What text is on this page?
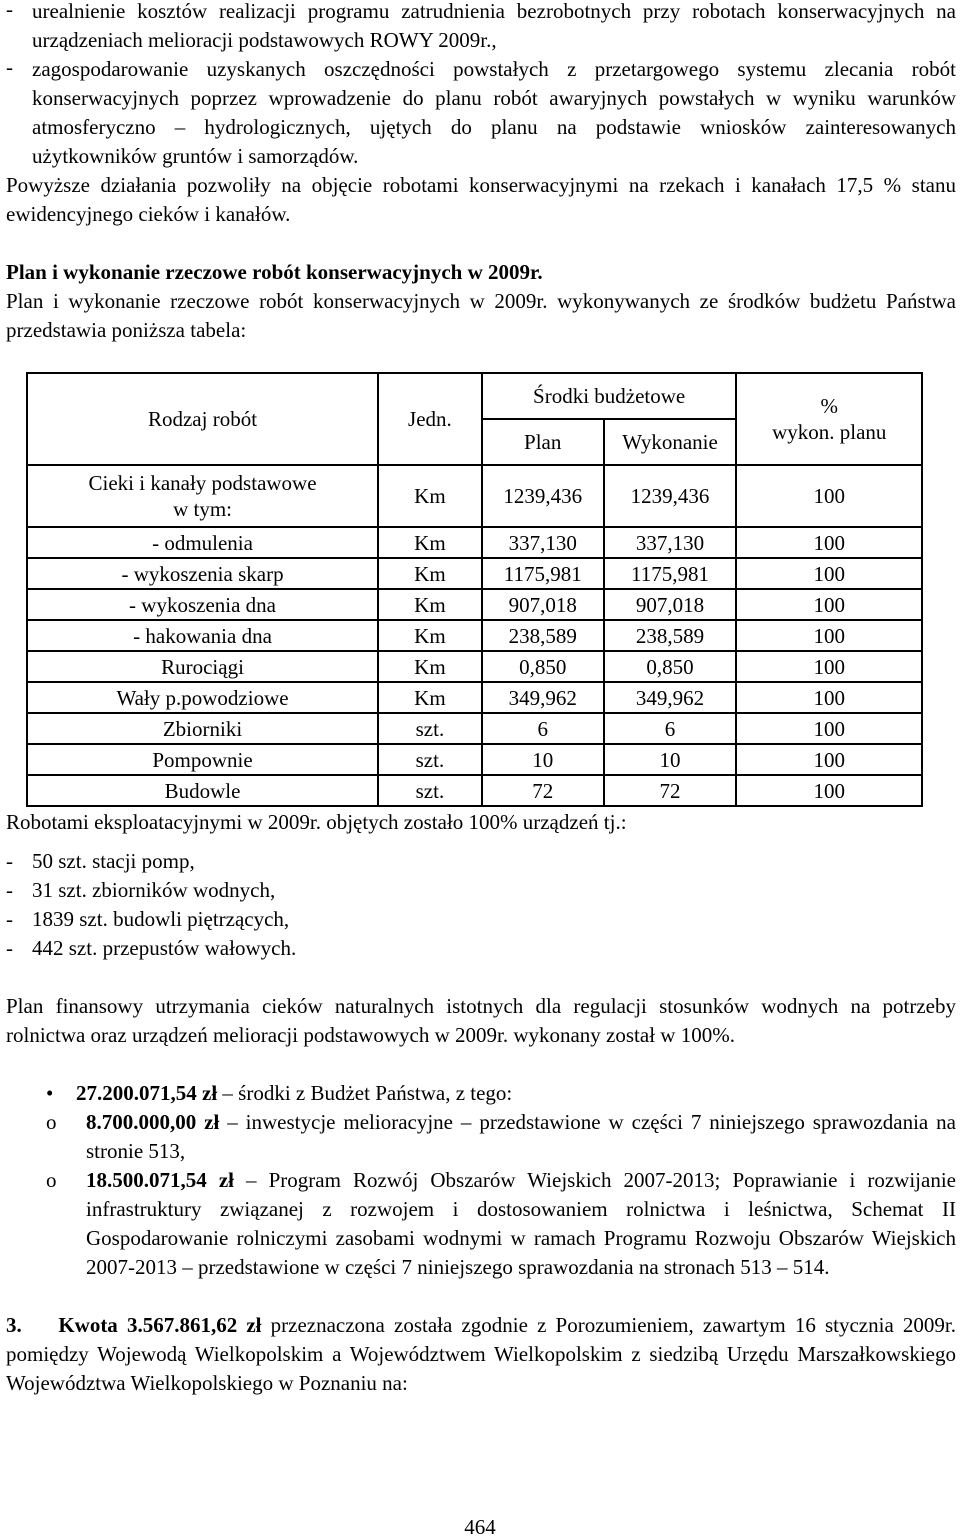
- urealnienie kosztów realizacji programu zatrudnienia bezrobotnych przy robotach konserwacyjnych na urządzeniach melioracji podstawowych ROWY 2009r.,
- zagospodarowanie uzyskanych oszczędności powstałych z przetargowego systemu zlecania robót konserwacyjnych poprzez wprowadzenie do planu robót awaryjnych powstałych w wyniku warunków atmosferyczno – hydrologicznych, ujętych do planu na podstawie wniosków zainteresowanych użytkowników gruntów i samorządów.

Powyższe działania pozwoliły na objęcie robotami konserwacyjnymi na rzekach i kanałach 17,5 % stanu ewidencyjnego cieków i kanałów.

Plan i wykonanie rzeczowe robót konserwacyjnych w 2009r.

Plan i wykonanie rzeczowe robót konserwacyjnych w 2009r. wykonywanych ze środków budżetu Państwa przedstawia poniższa tabela:

Rodzaj robót	Jedn.	Środki budżetowe		%
wykon. planu

		Plan	Wykonanie	

Cieki i kanały podstawowe
w tym:	Km	1239,436	1239,436	100
- odmulenia	Km	337,130	337,130	100
- wykoszenia skarp	Km	1175,981	1175,981	100
- wykoszenia dna	Km	907,018	907,018	100
- hakowania dna	Km	238,589	238,589	100
Rurociągi	Km	0,850	0,850	100
Wały p.powodziowe	Km	349,962	349,962	100
Zbiorniki	szt.	6	6	100
Pompownie	szt.	10	10	100
Budowle	szt.	72	72	100

Robotami eksploatacyjnymi w 2009r. objętych zostało 100% urządzeń tj.:

- 50 szt. stacji pomp,
- 31 szt. zbiorników wodnych,
- 1839 szt. budowli piętrzących,
- 442 szt. przepustów wałowych.

Plan finansowy utrzymania cieków naturalnych istotnych dla regulacji stosunków wodnych na potrzeby rolnictwa oraz urządzeń melioracji podstawowych w 2009r. wykonany został w 100%.

•	27.200.071,54 zł – środki z Budżet Państwa, z tego:
o	8.700.000,00 zł – inwestycje melioracyjne – przedstawione w części 7 niniejszego sprawozdania na stronie 513,
o	18.500.071,54 zł – Program Rozwój Obszarów Wiejskich 2007-2013; Poprawianie i rozwijanie infrastruktury związanej z rozwojem i dostosowaniem rolnictwa i leśnictwa, Schemat II Gospodarowanie rolniczymi zasobami wodnymi w ramach Programu Rozwoju Obszarów Wiejskich 2007-2013 – przedstawione w części 7 niniejszego sprawozdania na stronach 513 – 514.

3. Kwota 3.567.861,62 zł przeznaczona została zgodnie z Porozumieniem, zawartym 16 stycznia 2009r. pomiędzy Wojewodą Wielkopolskim a Województwem Wielkopolskim z siedzibą Urzędu Marszałkowskiego Województwa Wielkopolskiego w Poznaniu na:

464
